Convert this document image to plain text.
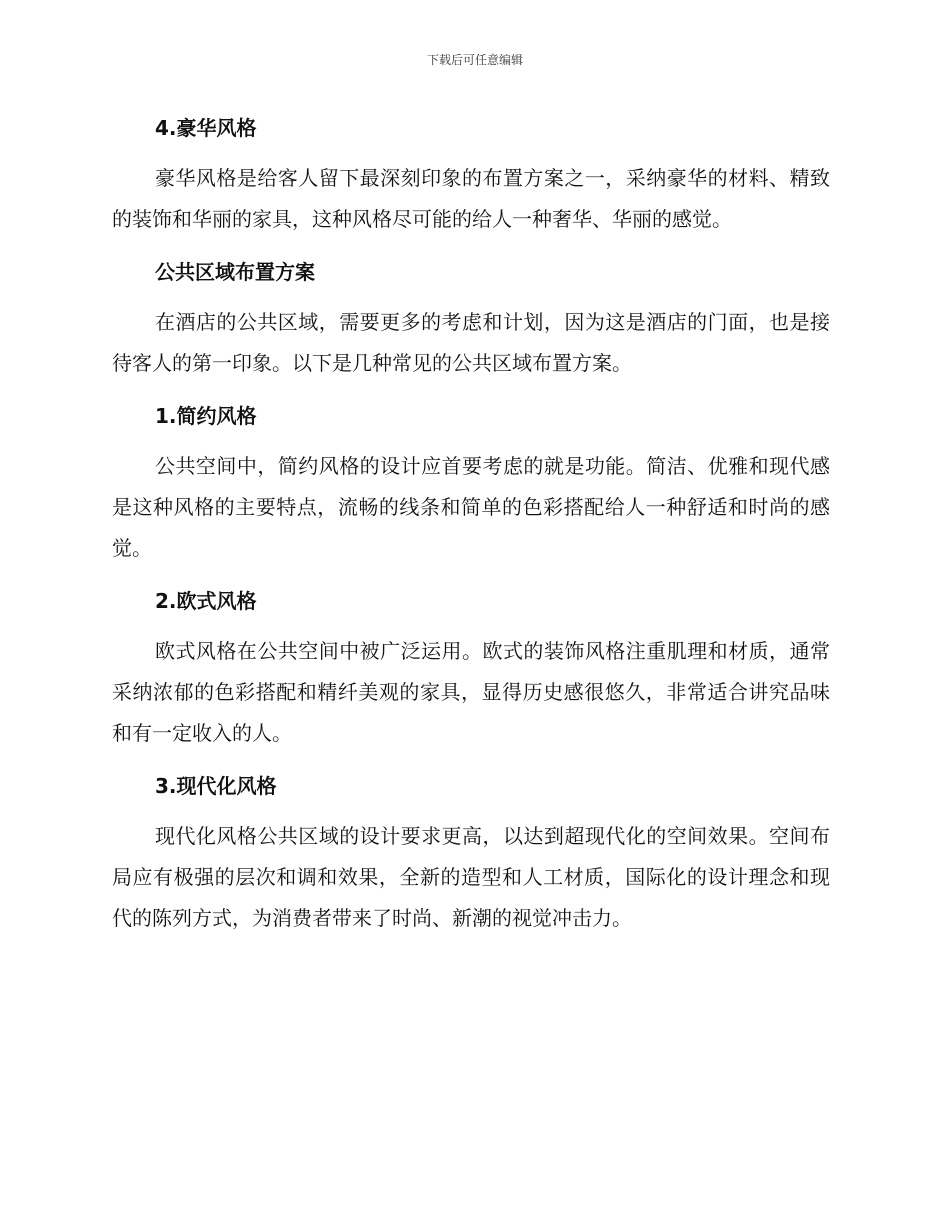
下载后可任意编辑
4.豪华风格

豪华风格是给客人留下最深刻印象的布置方案之一，采纳豪华的材料、精致的装饰和华丽的家具，这种风格尽可能的给人一种奢华、华丽的感觉。

公共区域布置方案

在酒店的公共区域，需要更多的考虑和计划，因为这是酒店的门面，也是接待客人的第一印象。以下是几种常见的公共区域布置方案。

1.简约风格

公共空间中，简约风格的设计应首要考虑的就是功能。简洁、优雅和现代感是这种风格的主要特点，流畅的线条和简单的色彩搭配给人一种舒适和时尚的感觉。

2.欧式风格

欧式风格在公共空间中被广泛运用。欧式的装饰风格注重肌理和材质，通常采纳浓郁的色彩搭配和精纤美观的家具，显得历史感很悠久，非常适合讲究品味和有一定收入的人。

3.现代化风格

现代化风格公共区域的设计要求更高，以达到超现代化的空间效果。空间布局应有极强的层次和调和效果，全新的造型和人工材质，国际化的设计理念和现代的陈列方式，为消费者带来了时尚、新潮的视觉冲击力。
